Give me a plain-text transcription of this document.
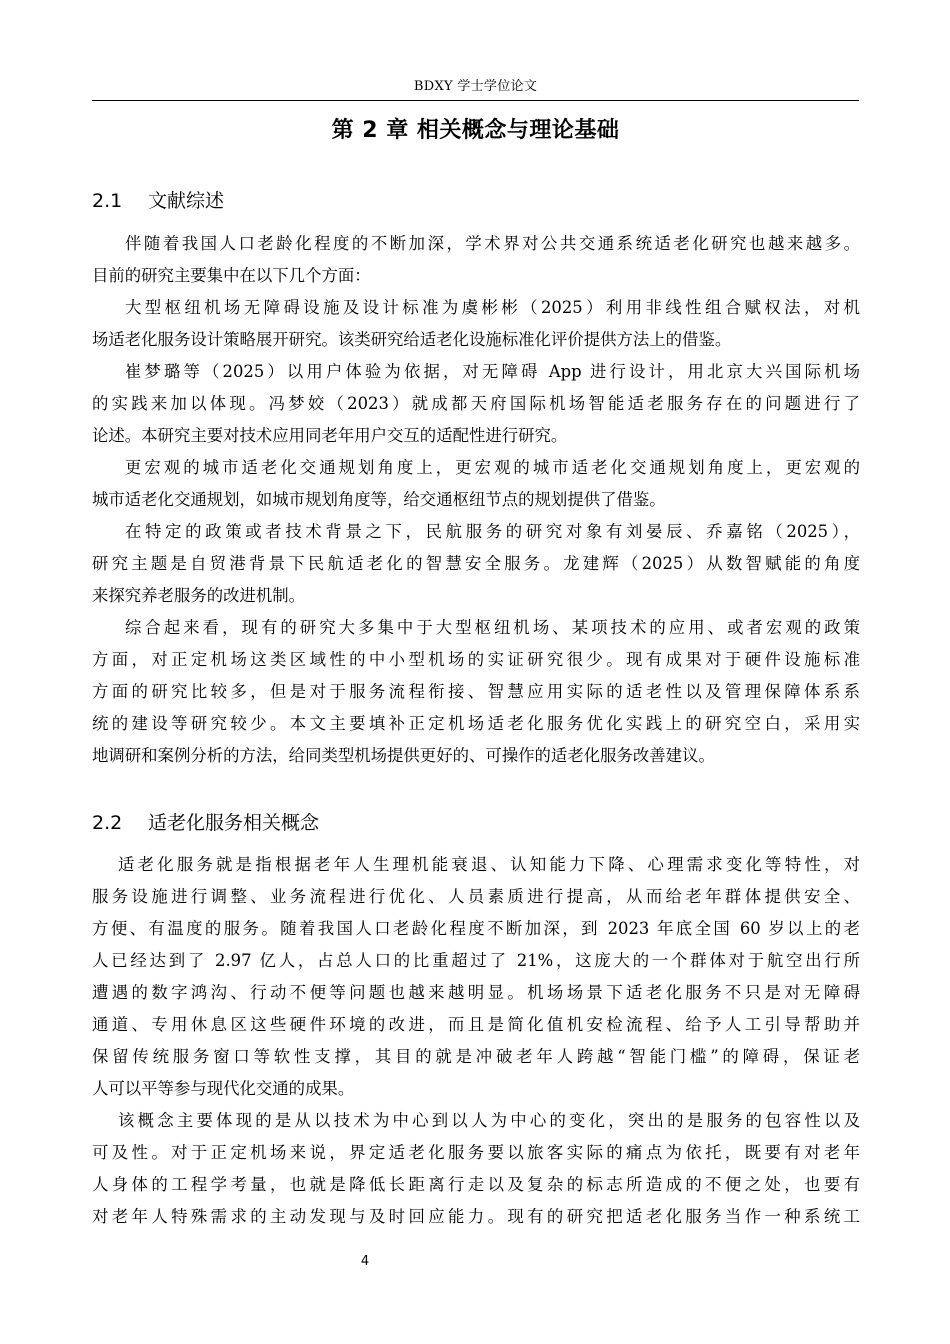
BDXY 学士学位论文
第 2 章 相关概念与理论基础
2.1 文献综述
伴随着我国人口老龄化程度的不断加深，学术界对公共交通系统适老化研究也越来越多。
目前的研究主要集中在以下几个方面：
大型枢纽机场无障碍设施及设计标准为虞彬彬（2025）利用非线性组合赋权法，对机
场适老化服务设计策略展开研究。该类研究给适老化设施标准化评价提供方法上的借鉴。
崔梦璐等（2025）以用户体验为依据，对无障碍 App 进行设计，用北京大兴国际机场
的实践来加以体现。冯梦姣（2023）就成都天府国际机场智能适老服务存在的问题进行了
论述。本研究主要对技术应用同老年用户交互的适配性进行研究。
更宏观的城市适老化交通规划角度上，更宏观的城市适老化交通规划角度上，更宏观的
城市适老化交通规划，如城市规划角度等，给交通枢纽节点的规划提供了借鉴。
在特定的政策或者技术背景之下，民航服务的研究对象有刘晏辰、乔嘉铭（2025），
研究主题是自贸港背景下民航适老化的智慧安全服务。龙建辉（2025）从数智赋能的角度
来探究养老服务的改进机制。
综合起来看，现有的研究大多集中于大型枢纽机场、某项技术的应用、或者宏观的政策
方面，对正定机场这类区域性的中小型机场的实证研究很少。现有成果对于硬件设施标准
方面的研究比较多，但是对于服务流程衔接、智慧应用实际的适老性以及管理保障体系系
统的建设等研究较少。本文主要填补正定机场适老化服务优化实践上的研究空白，采用实
地调研和案例分析的方法，给同类型机场提供更好的、可操作的适老化服务改善建议。
2.2 适老化服务相关概念
适老化服务就是指根据老年人生理机能衰退、认知能力下降、心理需求变化等特性，对
服务设施进行调整、业务流程进行优化、人员素质进行提高，从而给老年群体提供安全、
方便、有温度的服务。随着我国人口老龄化程度不断加深，到 2023 年底全国 60 岁以上的老
人已经达到了 2.97 亿人，占总人口的比重超过了 21%，这庞大的一个群体对于航空出行所
遭遇的数字鸿沟、行动不便等问题也越来越明显。机场场景下适老化服务不只是对无障碍
通道、专用休息区这些硬件环境的改进，而且是简化值机安检流程、给予人工引导帮助并
保留传统服务窗口等软性支撑，其目的就是冲破老年人跨越“智能门槛”的障碍，保证老
人可以平等参与现代化交通的成果。
该概念主要体现的是从以技术为中心到以人为中心的变化，突出的是服务的包容性以及
可及性。对于正定机场来说，界定适老化服务要以旅客实际的痛点为依托，既要有对老年
人身体的工程学考量，也就是降低长距离行走以及复杂的标志所造成的不便之处，也要有
对老年人特殊需求的主动发现与及时回应能力。现有的研究把适老化服务当作一种系统工
4
